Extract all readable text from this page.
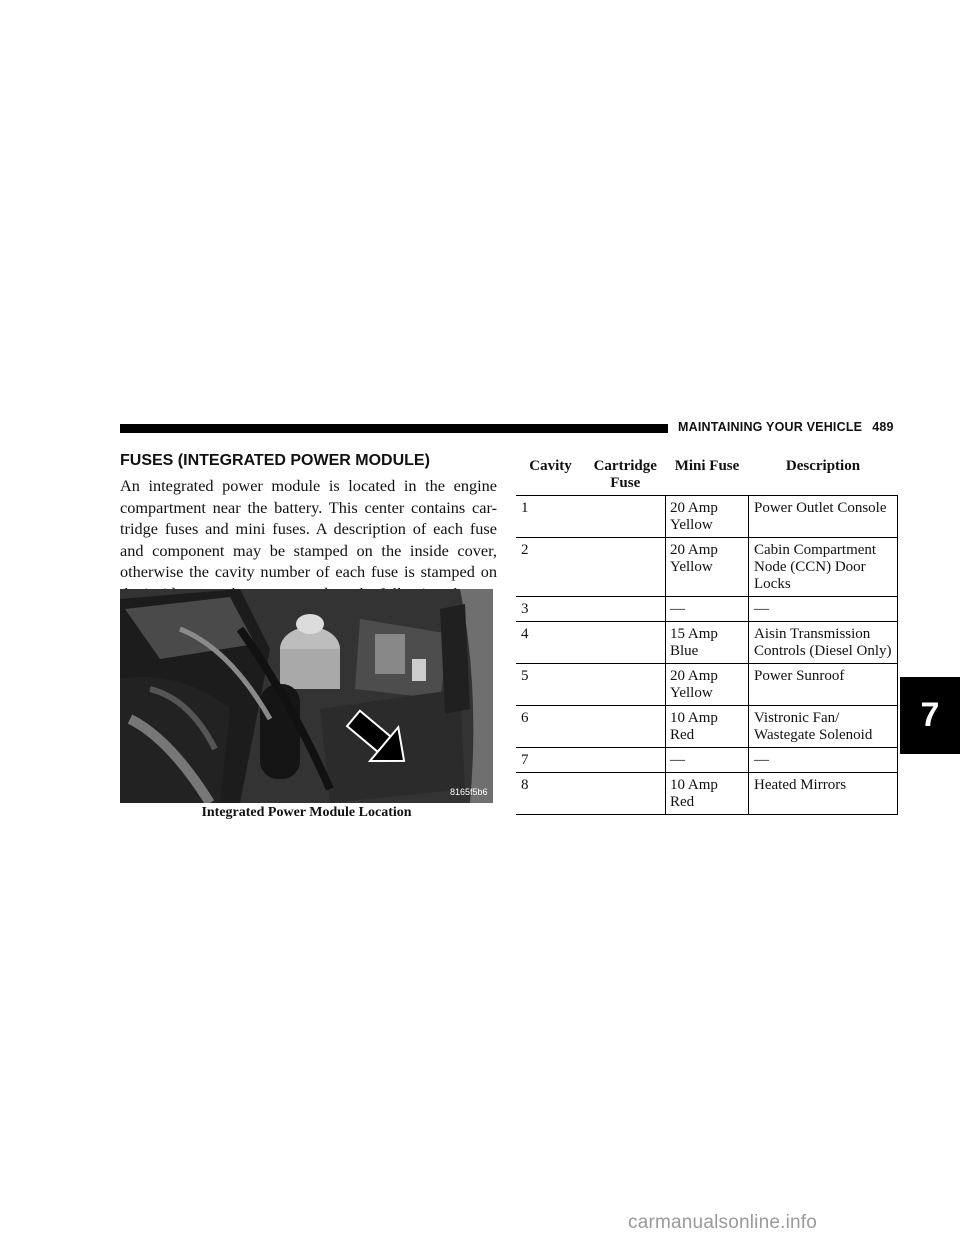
MAINTAINING YOUR VEHICLE 489
FUSES (INTEGRATED POWER MODULE)

An integrated power module is located in the engine compartment near the battery. This center contains car-tridge fuses and mini fuses. A description of each fuse and component may be stamped on the inside cover, otherwise the cavity number of each fuse is stamped on

8165f5b6
Integrated Power Module Location
Cavity	Cartridge Fuse	Mini Fuse	Description
1		20 Amp Yellow	Power Outlet Console
2		20 Amp Yellow	Cabin Compartment Node (CCN) Door Locks
3		—	—
4		15 Amp Blue	Aisin Transmission Controls (Diesel Only)
5		20 Amp Yellow	Power Sunroof
6		10 Amp Red	Vistronic Fan/ Wastegate Solenoid
7		—	—
8		10 Amp Red	Heated Mirrors
7
carmanualsonline.info
